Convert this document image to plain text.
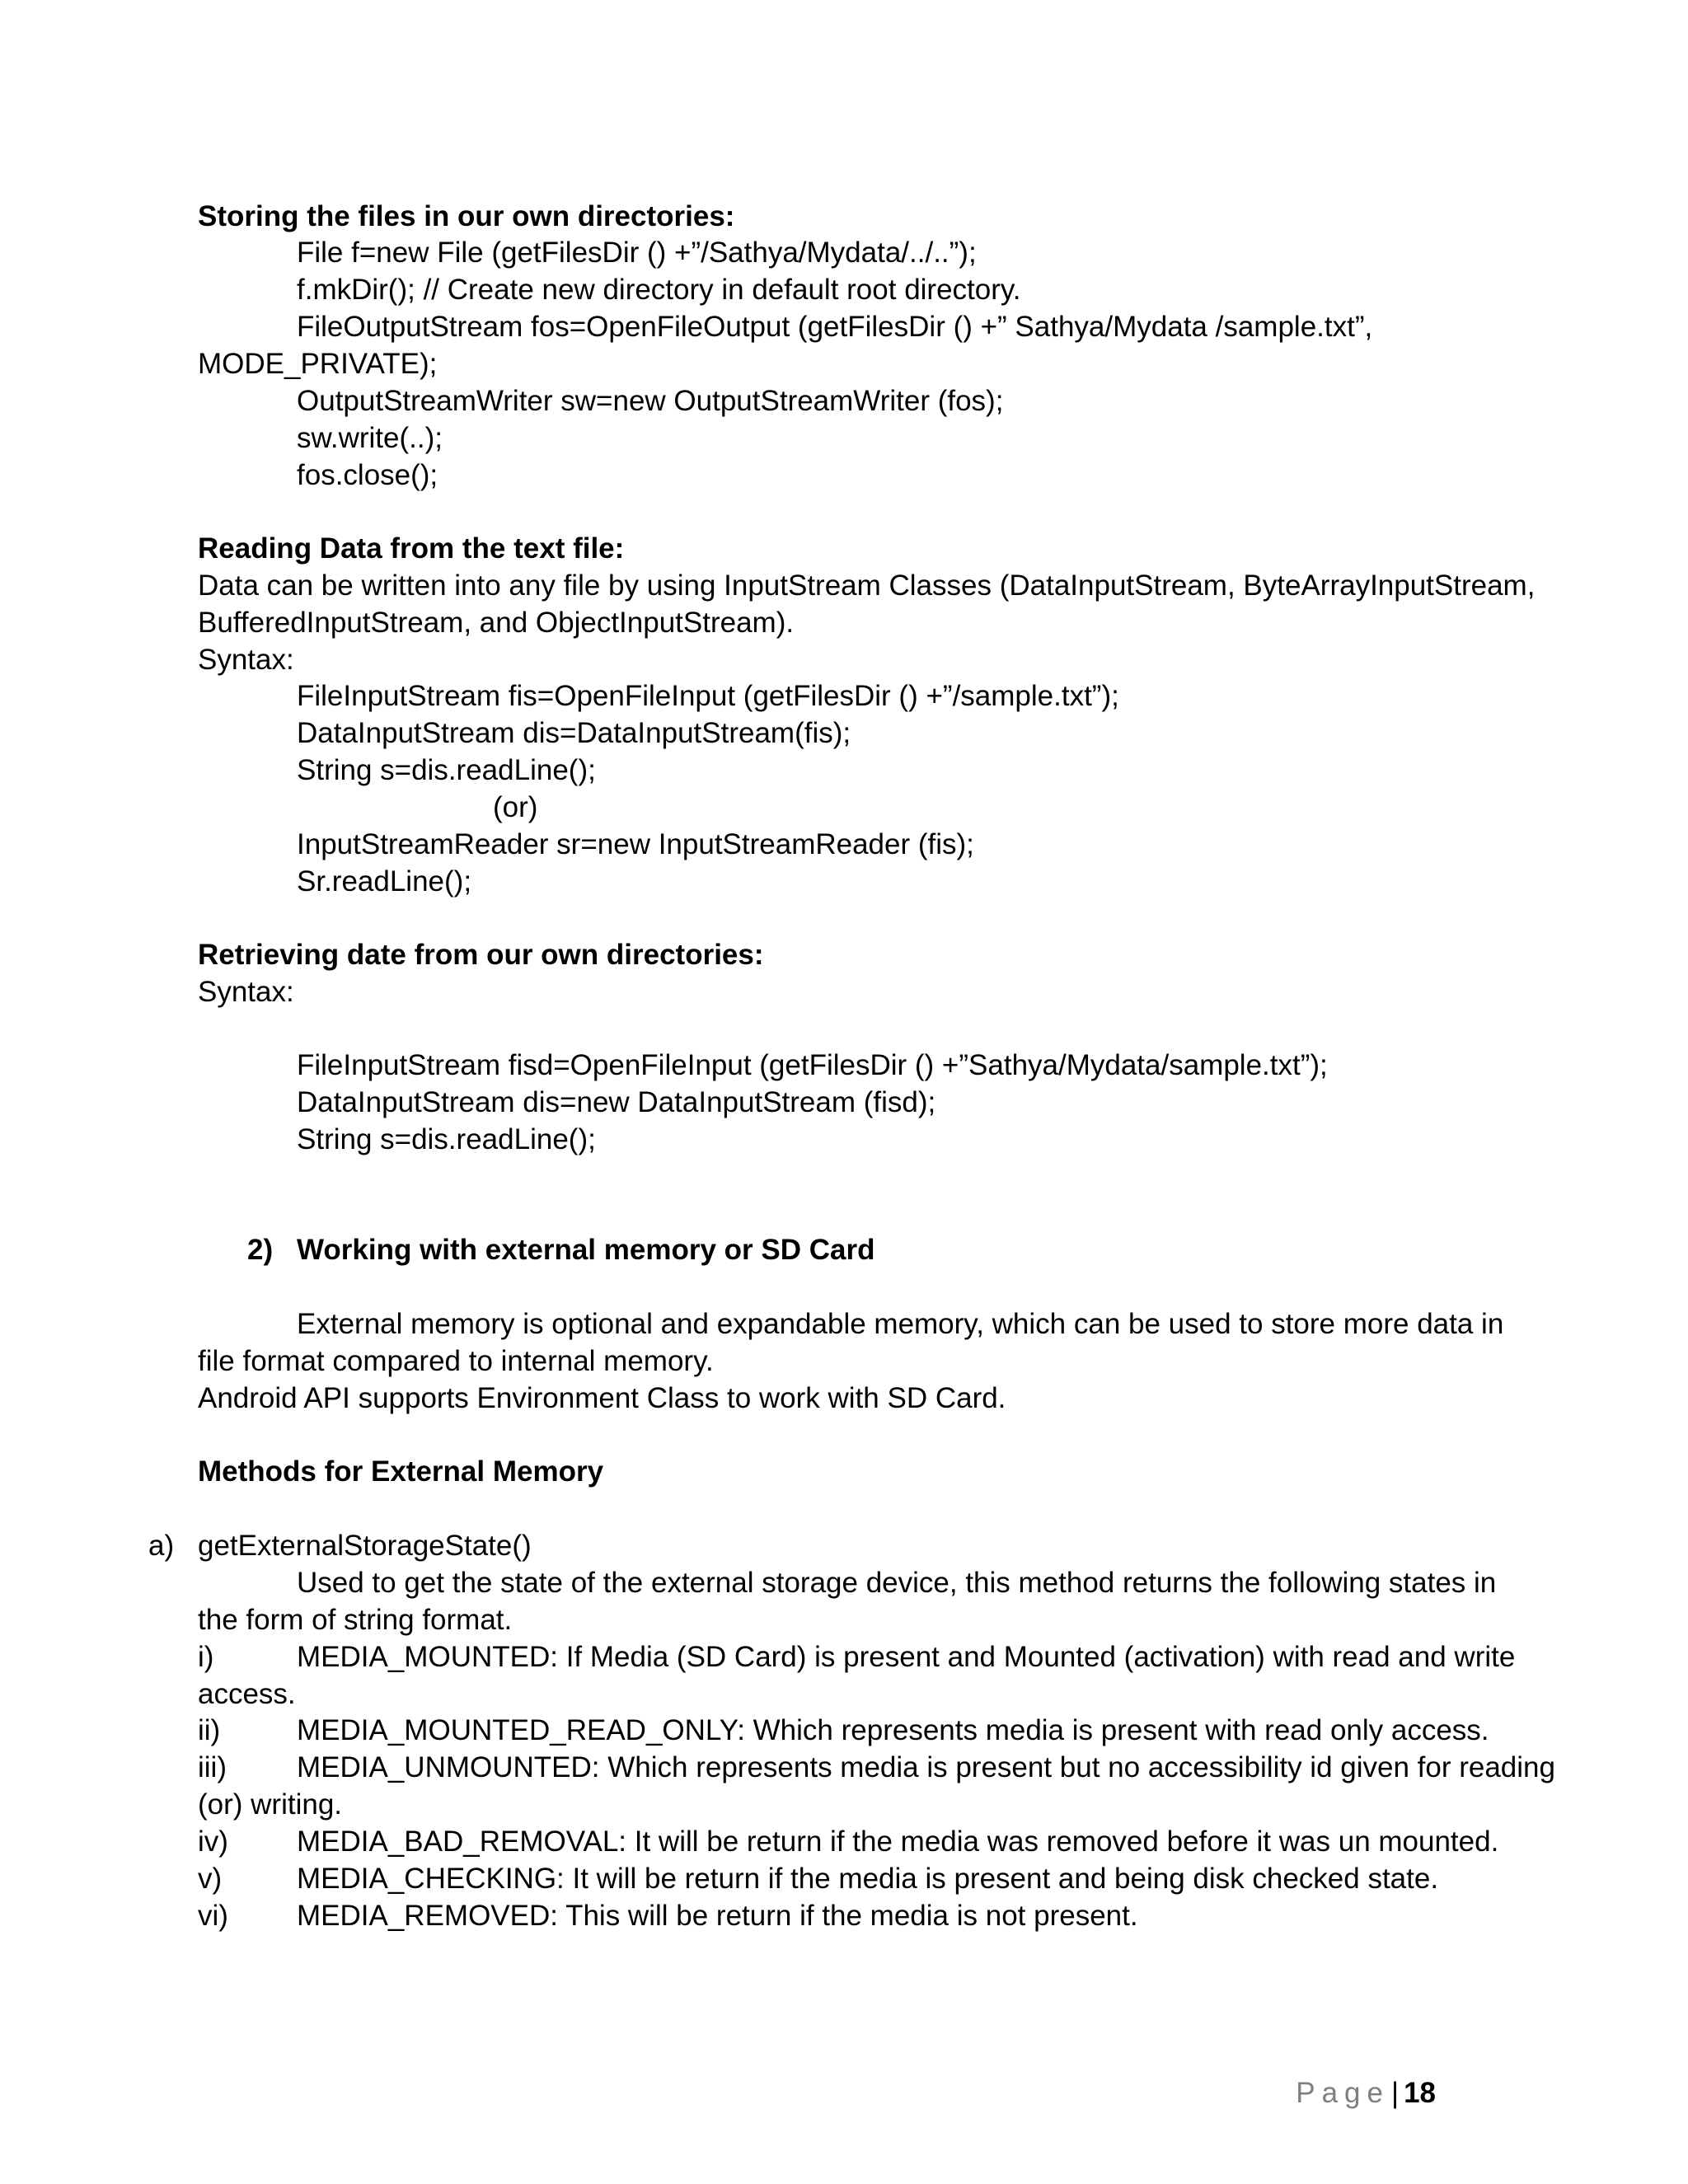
Storing the files in our own directories:
File f=new File (getFilesDir () +”/Sathya/Mydata/../..”);
f.mkDir(); // Create new directory in default root directory.
FileOutputStream fos=OpenFileOutput (getFilesDir () +” Sathya/Mydata /sample.txt”,
MODE_PRIVATE);
OutputStreamWriter sw=new OutputStreamWriter (fos);
sw.write(..);
fos.close();
Reading Data from the text file:
Data can be written into any file by using InputStream Classes (DataInputStream, ByteArrayInputStream,
BufferedInputStream, and ObjectInputStream).
Syntax:
FileInputStream fis=OpenFileInput (getFilesDir () +”/sample.txt”);
DataInputStream dis=DataInputStream(fis);
String s=dis.readLine();
(or)
InputStreamReader sr=new InputStreamReader (fis);
Sr.readLine();
Retrieving date from our own directories:
Syntax:
FileInputStream fisd=OpenFileInput (getFilesDir () +”Sathya/Mydata/sample.txt”);
DataInputStream dis=new DataInputStream (fisd);
String s=dis.readLine();
2) Working with external memory or SD Card
External memory is optional and expandable memory, which can be used to store more data in
file format compared to internal memory.
Android API supports Environment Class to work with SD Card.
Methods for External Memory
a) getExternalStorageState()
Used to get the state of the external storage device, this method returns the following states in
the form of string format.
i)	MEDIA_MOUNTED: If Media (SD Card) is present and Mounted (activation) with read and write
access.
ii)	MEDIA_MOUNTED_READ_ONLY: Which represents media is present with read only access.
iii) MEDIA_UNMOUNTED: Which represents media is present but no accessibility id given for reading
(or) writing.
iv) MEDIA_BAD_REMOVAL: It will be return if the media was removed before it was un mounted.
v)	MEDIA_CHECKING: It will be return if the media is present and being disk checked state.
vi) MEDIA_REMOVED: This will be return if the media is not present.

Page| 18
